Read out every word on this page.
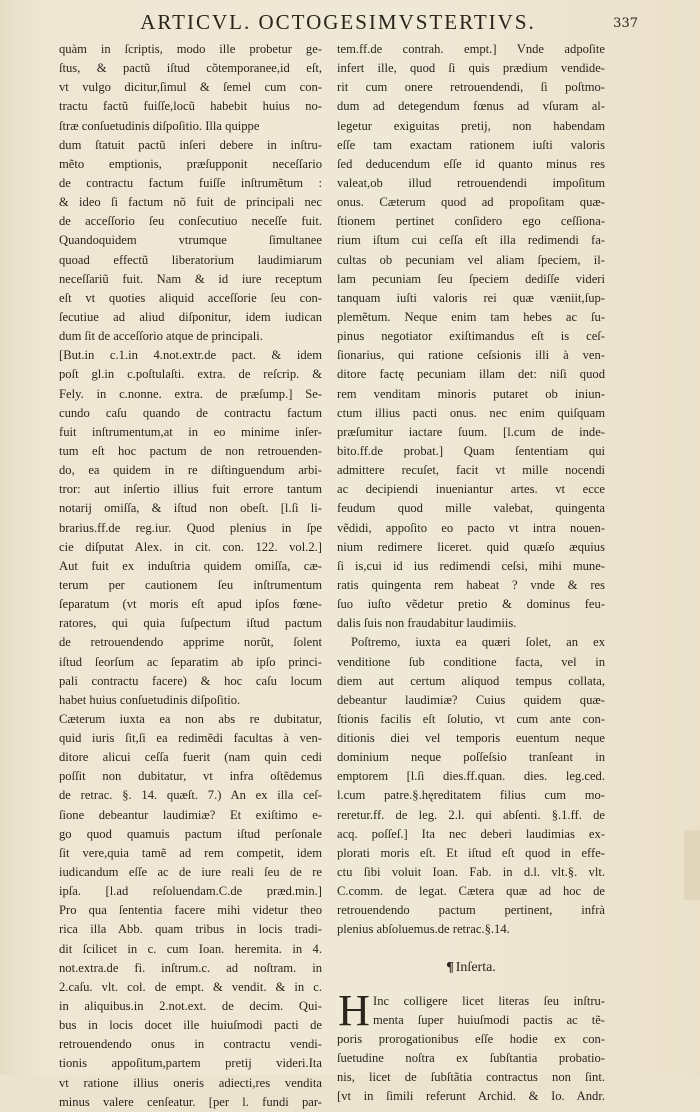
ARTICVL. OCTOGESIMVSTERTIVS.	337
quàm in ſcriptis, modo ille probetur ge-
ſtus, & pactũ iſtud cõtemporanee,id eſt,
vt vulgo dicitur,ſimul & ſemel cum con-
tractu factũ fuiſſe,locũ habebit huius no-
ſtræ conſuetudinis diſpoſitio. Illa quippe
dum ſtatuit pactũ inſeri debere in inſtru-
mẽto emptionis, præſupponit neceſſario
de contractu factum fuiſſe inſtrumẽtum :
& ideo ſi factum nõ fuit de principali nec
de acceſſorio ſeu conſecutiuo neceſſe fuit.
Quandoquidem vtrumque ſimultanee
quoad effectũ liberatorium laudimiarum
neceſſariũ fuit. Nam & id iure receptum
eſt vt quoties aliquid acceſſorie ſeu con-
ſecutiue ad aliud diſponitur, idem iudican
dum ſit de acceſſorio atque de principali.
[But.in c.1.in 4.not.extr.de pact. & idem
poſt gl.in c.poſtulaſti. extra. de reſcrip. &
Fely. in c.nonne. extra. de præſump.] Se-
cundo caſu quando de contractu factum
fuit inſtrumentum,at in eo minime inſer-
tum eſt hoc pactum de non retrouenden-
do, ea quidem in re diſtinguendum arbi-
tror: aut inſertio illius fuit errore tantum
notarij omiſſa, & iſtud non obeſt. [l.ſi li-
brarius.ff.de reg.iur. Quod plenius in ſpe
cie diſputat Alex. in cit. con. 122. vol.2.]
Aut fuit ex induſtria quidem omiſſa, cæ-
terum per cautionem ſeu inſtrumentum
ſeparatum (vt moris eſt apud ipſos fœne-
ratores, qui quia ſuſpectum iſtud pactum
de retrouendendo apprime norũt, ſolent
iſtud ſeorſum ac ſeparatim ab ipſo princi-
pali contractu facere) & hoc caſu locum
habet huius conſuetudinis diſpoſitio.
Cæterum iuxta ea non abs re dubitatur,
quid iuris ſit,ſi ea redimẽdi facultas à ven-
ditore alicui ceſſa fuerit (nam quin cedi
poſſit non dubitatur, vt infra oſtẽdemus
de retrac. §. 14. quæſt. 7.) An ex illa ceſ-
ſione debeantur laudimiæ? Et exiſtimo e-
go quod quamuis pactum iſtud perſonale
ſit vere,quia tamẽ ad rem competit, idem
iudicandum eſſe ac de iure reali ſeu de re
ipſa. [l.ad reſoluendam.C.de præd.min.]
Pro qua ſententia facere mihi videtur theo
rica illa Abb. quam tribus in locis tradi-
dit ſcilicet in c. cum Ioan. heremita. in 4.
not.extra.de fi. inſtrum.c. ad noſtram. in
2.caſu. vlt. col. de empt. & vendit. & in c.
in aliquibus.in 2.not.ext. de decim. Qui-
bus in locis docet ille huiuſmodi pacti de
retrouendendo onus in contractu vendi-
tionis appoſitum,partem pretij videri.Ita
vt ratione illius oneris adiecti,res vendita
minus valere cenſeatur. [per l. fundi par-
tem.ff.de contrah. empt.] Vnde adpoſite
infert ille, quod ſi quis prædium vendide-
rit cum onere retrouendendi, ſi poſtmo-
dum ad detegendum fœnus ad vſuram al-
legetur exiguitas pretij, non habendam
eſſe tam exactam rationem iuſti valoris
ſed deducendum eſſe id quanto minus res
valeat,ob illud retrouendendi impoſitum
onus. Cæterum quod ad propoſitam quæ-
ſtionem pertinet conſidero ego ceſſiona-
rium iſtum cui ceſſa eſt illa redimendi fa-
cultas ob pecuniam vel aliam ſpeciem, il-
lam pecuniam ſeu ſpeciem dediſſe videri
tanquam iuſti valoris rei quæ væniit,ſup-
plemẽtum. Neque enim tam hebes ac ſu-
pinus negotiator exiſtimandus eſt is ceſ-
ſionarius, qui ratione ceſsionis illi à ven-
ditore factę pecuniam illam det: niſi quod
rem venditam minoris putaret ob iniun-
ctum illius pacti onus. nec enim quiſquam
præſumitur iactare ſuum. [l.cum de inde-
bito.ff.de probat.] Quam ſententiam qui
admittere recuſet, facit vt mille nocendi
ac decipiendi inueniantur artes. vt ecce
feudum quod mille valebat, quingenta
vẽdidi, appoſito eo pacto vt intra nouen-
nium redimere liceret. quid quæſo æquius
ſi is,cui id ius redimendi ceſsi, mihi mune-
ratis quingenta rem habeat ? vnde & res
ſuo iuſto vẽdetur pretio & dominus feu-
dalis ſuis non fraudabitur laudimiis.
Poſtremo, iuxta ea quæri ſolet, an ex
venditione ſub conditione facta, vel in
diem aut certum aliquod tempus collata,
debeantur laudimiæ? Cuius quidem quæ-
ſtionis facilis eſt ſolutio, vt cum ante con-
ditionis diei vel temporis euentum neque
dominium neque poſſeſsio tranſeant in
emptorem [l.ſi dies.ff.quan. dies. leg.ced.
l.cum patre.§.hęreditatem filius cum mo-
reretur.ff. de leg. 2.l. qui abſenti. §.1.ff. de
acq. poſſeſ.] Ita nec deberi laudimias ex-
plorati moris eſt. Et iſtud eſt quod in effe-
ctu ſibi voluit Ioan. Fab. in d.l. vlt.§. vlt.
C.comm. de legat. Cætera quæ ad hoc de
retrouendendo pactum pertinent, infrà
plenius abſoluemus.de retrac.§.14.
¶ Inſerta.
H Inc colligere licet literas ſeu inſtru-
menta ſuper huiuſmodi pactis ac tẽ-
poris prorogationibus eſſe hodie ex con-
ſuetudine noſtra ex ſubſtantia probatio-
nis, licet de ſubſtãtia contractus non ſint.
[vt in ſimili referunt Archid. & Io. Andr.
